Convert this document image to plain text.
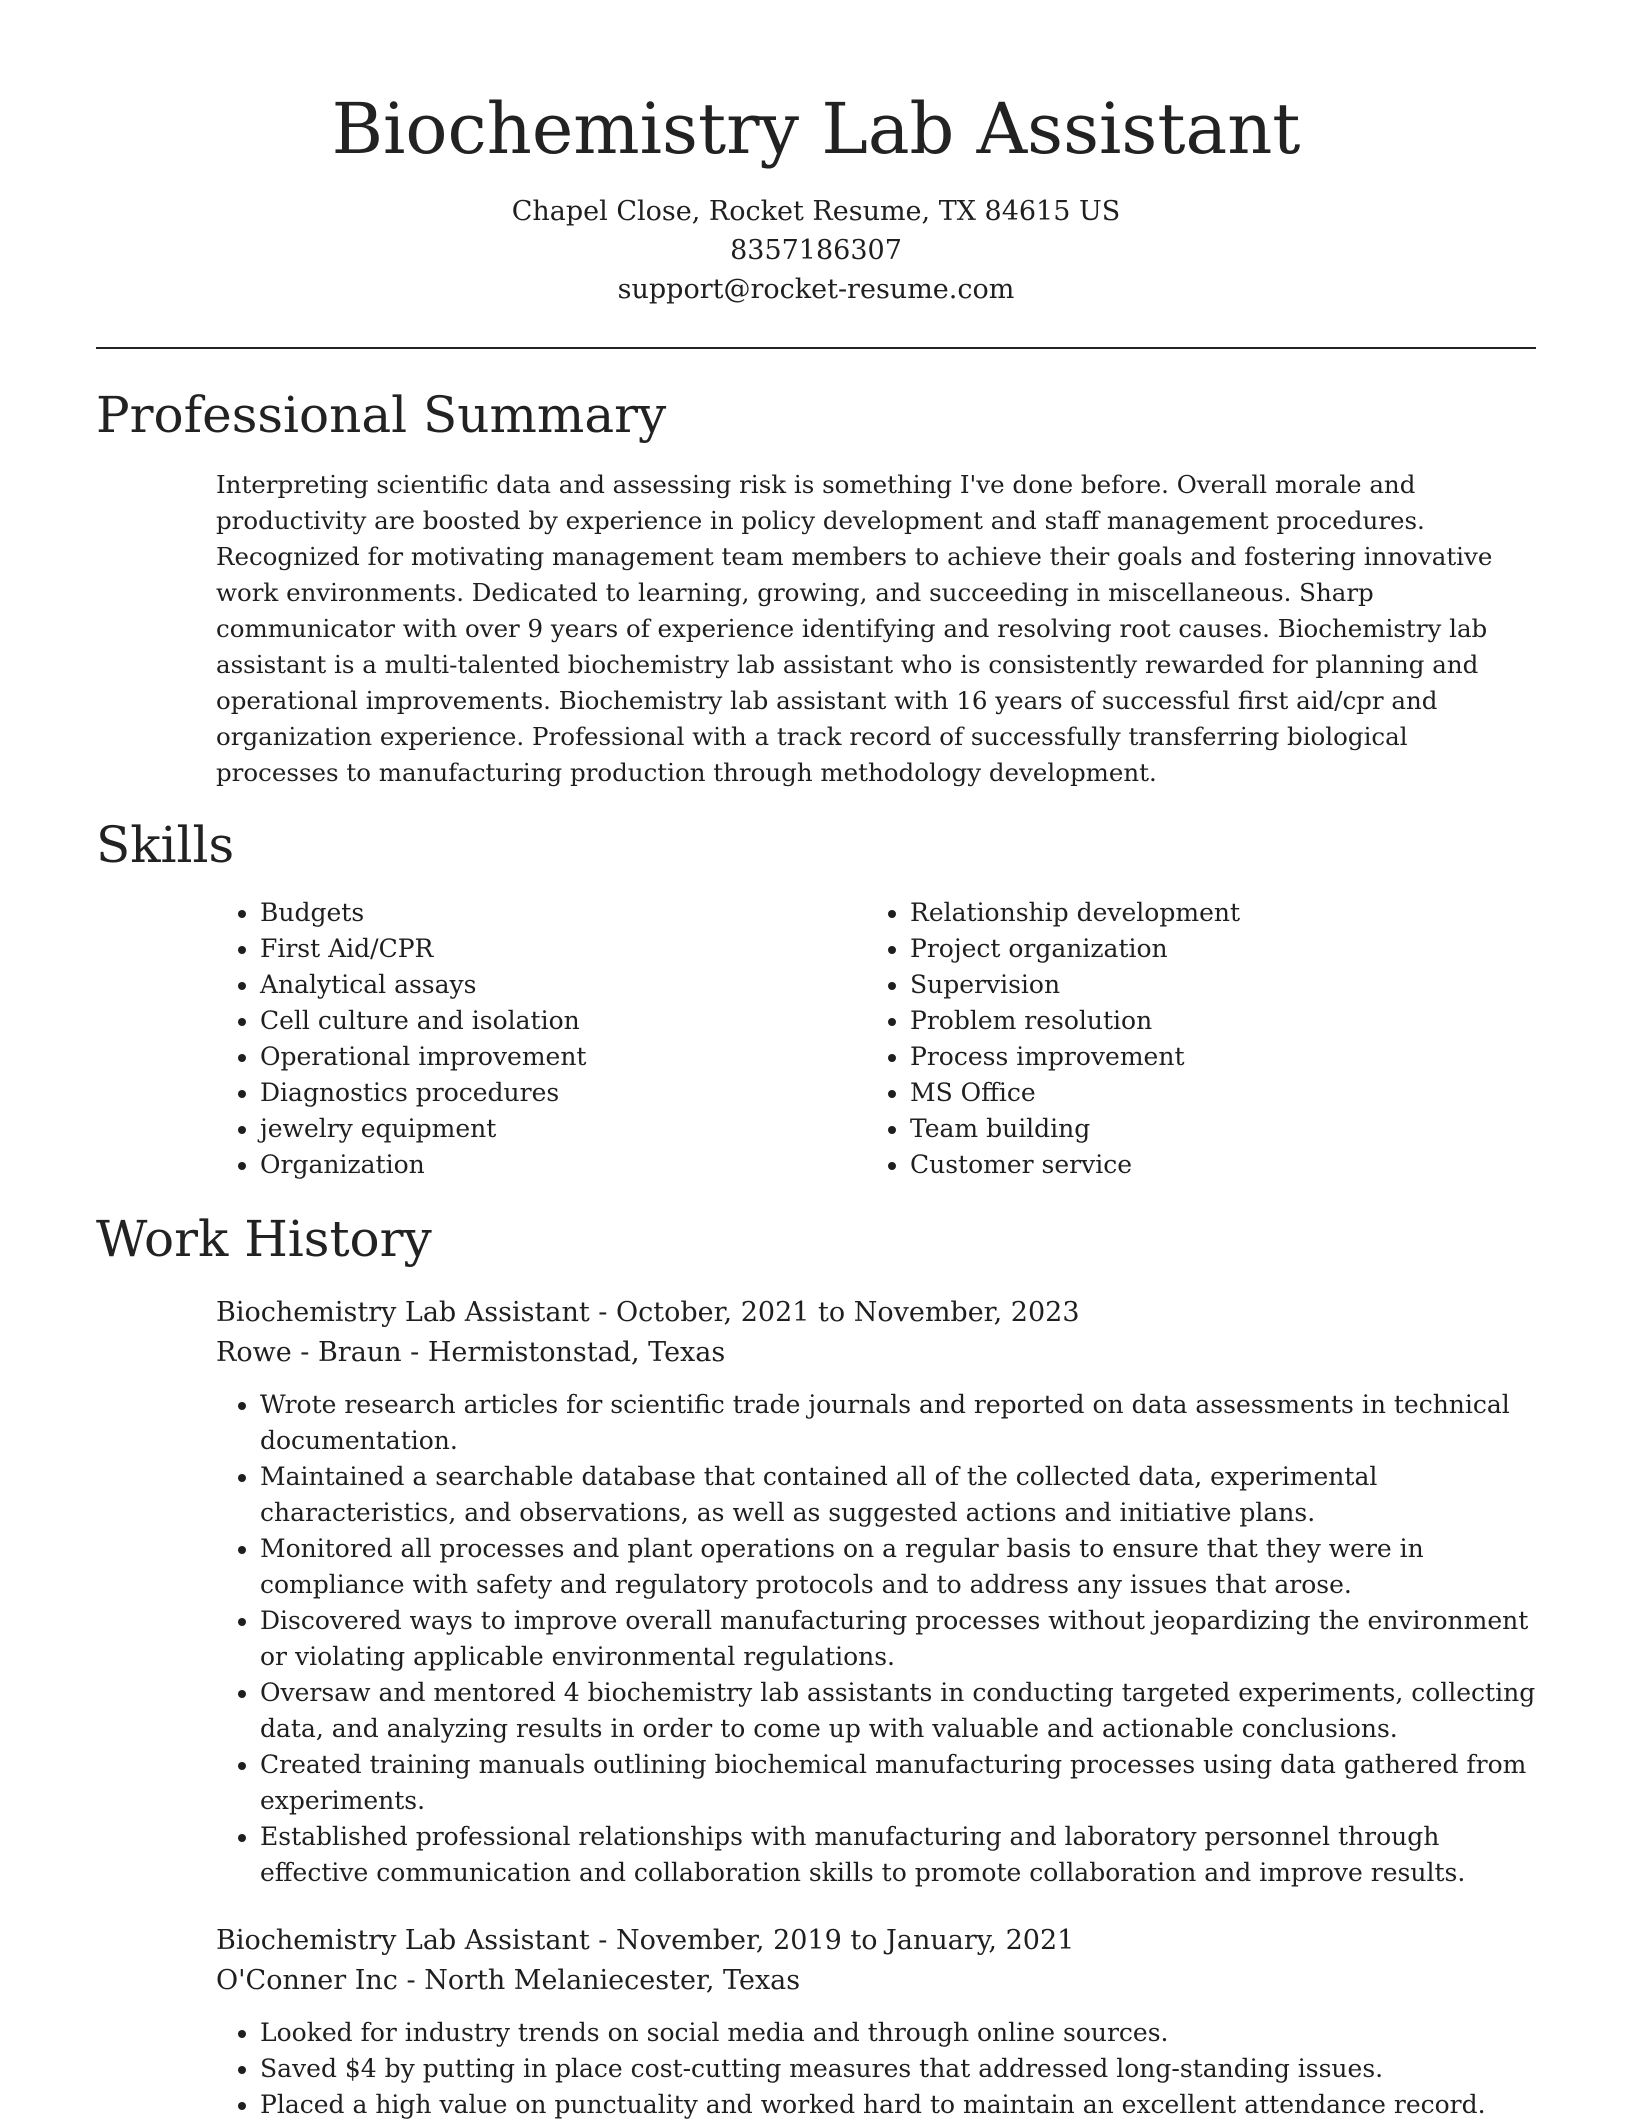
Biochemistry Lab Assistant

Chapel Close, Rocket Resume, TX 84615 US

8357186307

support@rocket-resume.com

Professional Summary

Interpreting scientific data and assessing risk is something I've done before. Overall morale and productivity are boosted by experience in policy development and staff management procedures. Recognized for motivating management team members to achieve their goals and fostering innovative work environments. Dedicated to learning, growing, and succeeding in miscellaneous. Sharp communicator with over 9 years of experience identifying and resolving root causes. Biochemistry lab assistant is a multi-talented biochemistry lab assistant who is consistently rewarded for planning and operational improvements. Biochemistry lab assistant with 16 years of successful first aid/cpr and organization experience. Professional with a track record of successfully transferring biological processes to manufacturing production through methodology development.

Skills
• Budgets
• First Aid/CPR
• Analytical assays
• Cell culture and isolation
• Operational improvement
• Diagnostics procedures
• jewelry equipment
• Organization
• Relationship development
• Project organization
• Supervision
• Problem resolution
• Process improvement
• MS Office
• Team building
• Customer service
Work History

Biochemistry Lab Assistant - October, 2021 to November, 2023

Rowe - Braun - Hermistonstad, Texas

• Wrote research articles for scientific trade journals and reported on data assessments in technical documentation.
• Maintained a searchable database that contained all of the collected data, experimental characteristics, and observations, as well as suggested actions and initiative plans.
• Monitored all processes and plant operations on a regular basis to ensure that they were in compliance with safety and regulatory protocols and to address any issues that arose.
• Discovered ways to improve overall manufacturing processes without jeopardizing the environment or violating applicable environmental regulations.
• Oversaw and mentored 4 biochemistry lab assistants in conducting targeted experiments, collecting data, and analyzing results in order to come up with valuable and actionable conclusions.
• Created training manuals outlining biochemical manufacturing processes using data gathered from experiments.
• Established professional relationships with manufacturing and laboratory personnel through effective communication and collaboration skills to promote collaboration and improve results.

Biochemistry Lab Assistant - November, 2019 to January, 2021

O'Conner Inc - North Melaniecester, Texas

• Looked for industry trends on social media and through online sources.
• Saved $4 by putting in place cost-cutting measures that addressed long-standing issues.
• Placed a high value on punctuality and worked hard to maintain an excellent attendance record.
